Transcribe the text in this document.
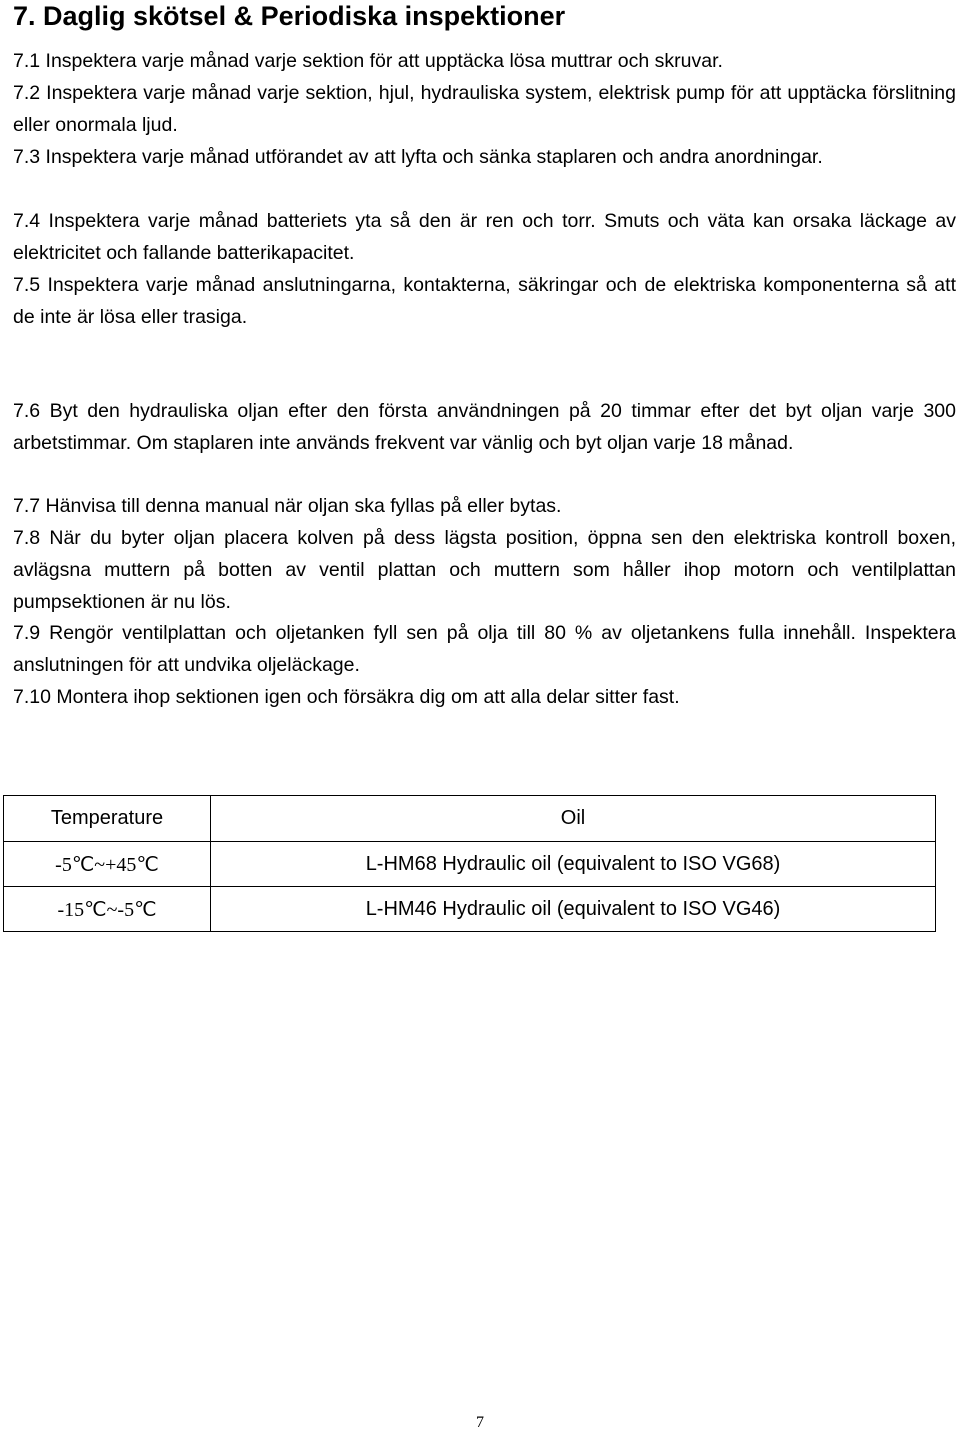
7. Daglig skötsel & Periodiska inspektioner

7.1 Inspektera varje månad varje sektion för att upptäcka lösa muttrar och skruvar.

7.2 Inspektera varje månad varje sektion, hjul, hydrauliska system, elektrisk pump för att upptäcka förslitning eller onormala ljud.

7.3 Inspektera varje månad utförandet av att lyfta och sänka staplaren och andra anordningar.

7.4 Inspektera varje månad batteriets yta så den är ren och torr. Smuts och väta kan orsaka läckage av elektricitet och fallande batterikapacitet.

7.5 Inspektera varje månad anslutningarna, kontakterna, säkringar och de elektriska komponenterna så att de inte är lösa eller trasiga.

7.6 Byt den hydrauliska oljan efter den första användningen på 20 timmar efter det byt oljan varje 300 arbetstimmar. Om staplaren inte används frekvent var vänlig och byt oljan varje 18 månad.

7.7 Hänvisa till denna manual när oljan ska fyllas på eller bytas.

7.8 När du byter oljan placera kolven på dess lägsta position, öppna sen den elektriska kontroll boxen, avlägsna muttern på botten av ventil plattan och muttern som håller ihop motorn och ventilplattan pumpsektionen är nu lös.

7.9 Rengör ventilplattan och oljetanken fyll sen på olja till 80 % av oljetankens fulla innehåll. Inspektera anslutningen för att undvika oljeläckage.

7.10 Montera ihop sektionen igen och försäkra dig om att alla delar sitter fast.

Temperature	Oil
-5℃~+45℃	L-HM68 Hydraulic oil (equivalent to ISO VG68)
-15℃~-5℃	L-HM46 Hydraulic oil (equivalent to ISO VG46)

7
